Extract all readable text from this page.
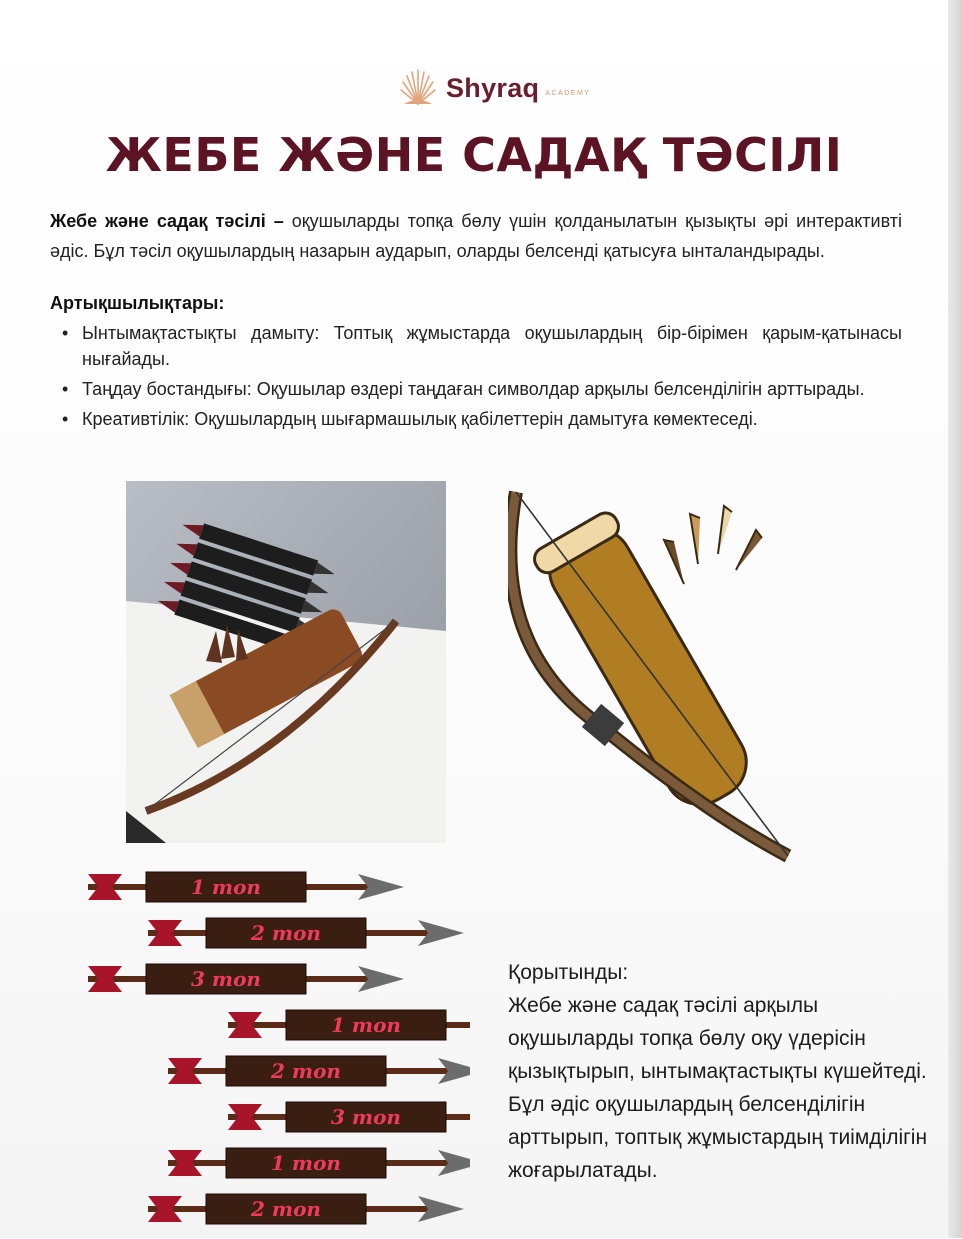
Shyraq ACADEMY
ЖЕБЕ ЖӘНЕ САДАҚ ТӘСІЛІ
Жебе және садақ тәсілі – оқушыларды топқа бөлу үшін қолданылатын қызықты әрі интерактивті әдіс. Бұл тәсіл оқушылардың назарын аударып, оларды белсенді қатысуға ынталандырады.
Артықшылықтары:
• Ынтымақтастықты дамыту: Топтық жұмыстарда оқушылардың бір-бірімен қарым-қатынасы нығайады.
• Таңдау бостандығы: Оқушылар өздері таңдаған символдар арқылы белсенділігін арттырады.
• Креативтілік: Оқушылардың шығармашылық қабілеттерін дамытуға көмектеседі.
1 топ
2 топ
3 топ
1 топ
2 топ
3 топ
1 топ
2 топ
Қорытынды:
Жебе және садақ тәсілі арқылы оқушыларды топқа бөлу оқу үдерісін қызықтырып, ынтымақтастықты күшейтеді. Бұл әдіс оқушылардың белсенділігін арттырып, топтық жұмыстардың тиімділігін жоғарылатады.
